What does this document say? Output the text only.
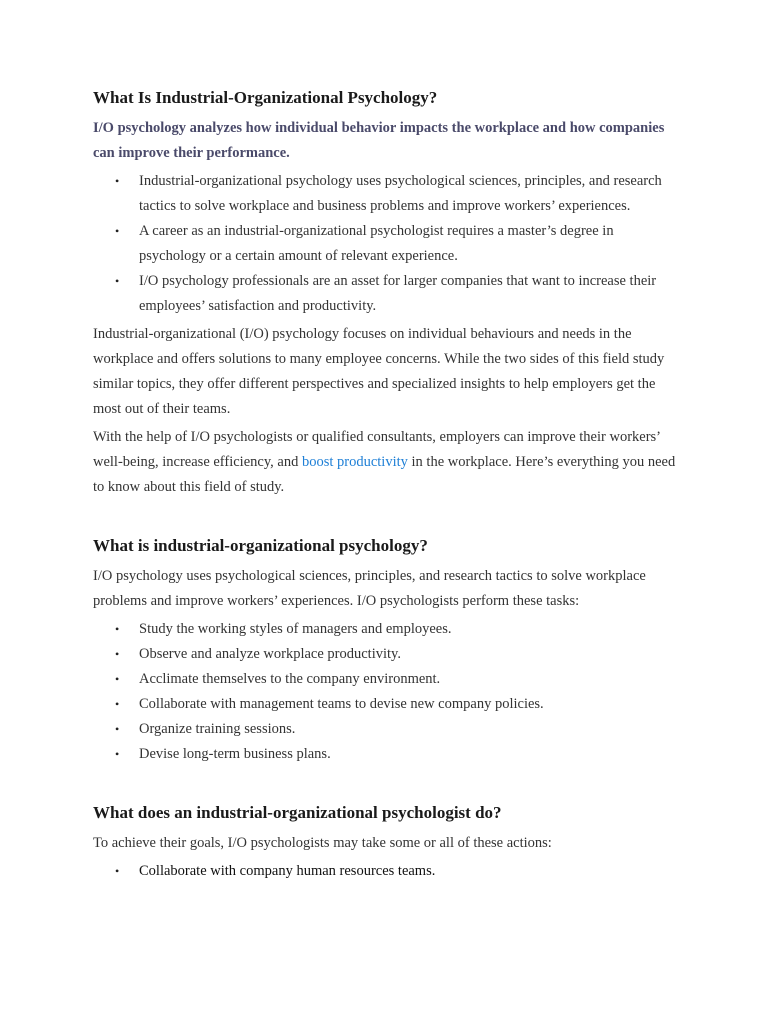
What Is Industrial-Organizational Psychology?

I/O psychology analyzes how individual behavior impacts the workplace and how companies can improve their performance.

• Industrial-organizational psychology uses psychological sciences, principles, and research tactics to solve workplace and business problems and improve workers’ experiences.
• A career as an industrial-organizational psychologist requires a master’s degree in psychology or a certain amount of relevant experience.
• I/O psychology professionals are an asset for larger companies that want to increase their employees’ satisfaction and productivity.

Industrial-organizational (I/O) psychology focuses on individual behaviours and needs in the workplace and offers solutions to many employee concerns. While the two sides of this field study similar topics, they offer different perspectives and specialized insights to help employers get the most out of their teams.

With the help of I/O psychologists or qualified consultants, employers can improve their workers’ well-being, increase efficiency, and boost productivity in the workplace. Here’s everything you need to know about this field of study.

What is industrial-organizational psychology?

I/O psychology uses psychological sciences, principles, and research tactics to solve workplace problems and improve workers’ experiences. I/O psychologists perform these tasks:

• Study the working styles of managers and employees.
• Observe and analyze workplace productivity.
• Acclimate themselves to the company environment.
• Collaborate with management teams to devise new company policies.
• Organize training sessions.
• Devise long-term business plans.
What does an industrial-organizational psychologist do?

To achieve their goals, I/O psychologists may take some or all of these actions:

• Collaborate with company human resources teams.
